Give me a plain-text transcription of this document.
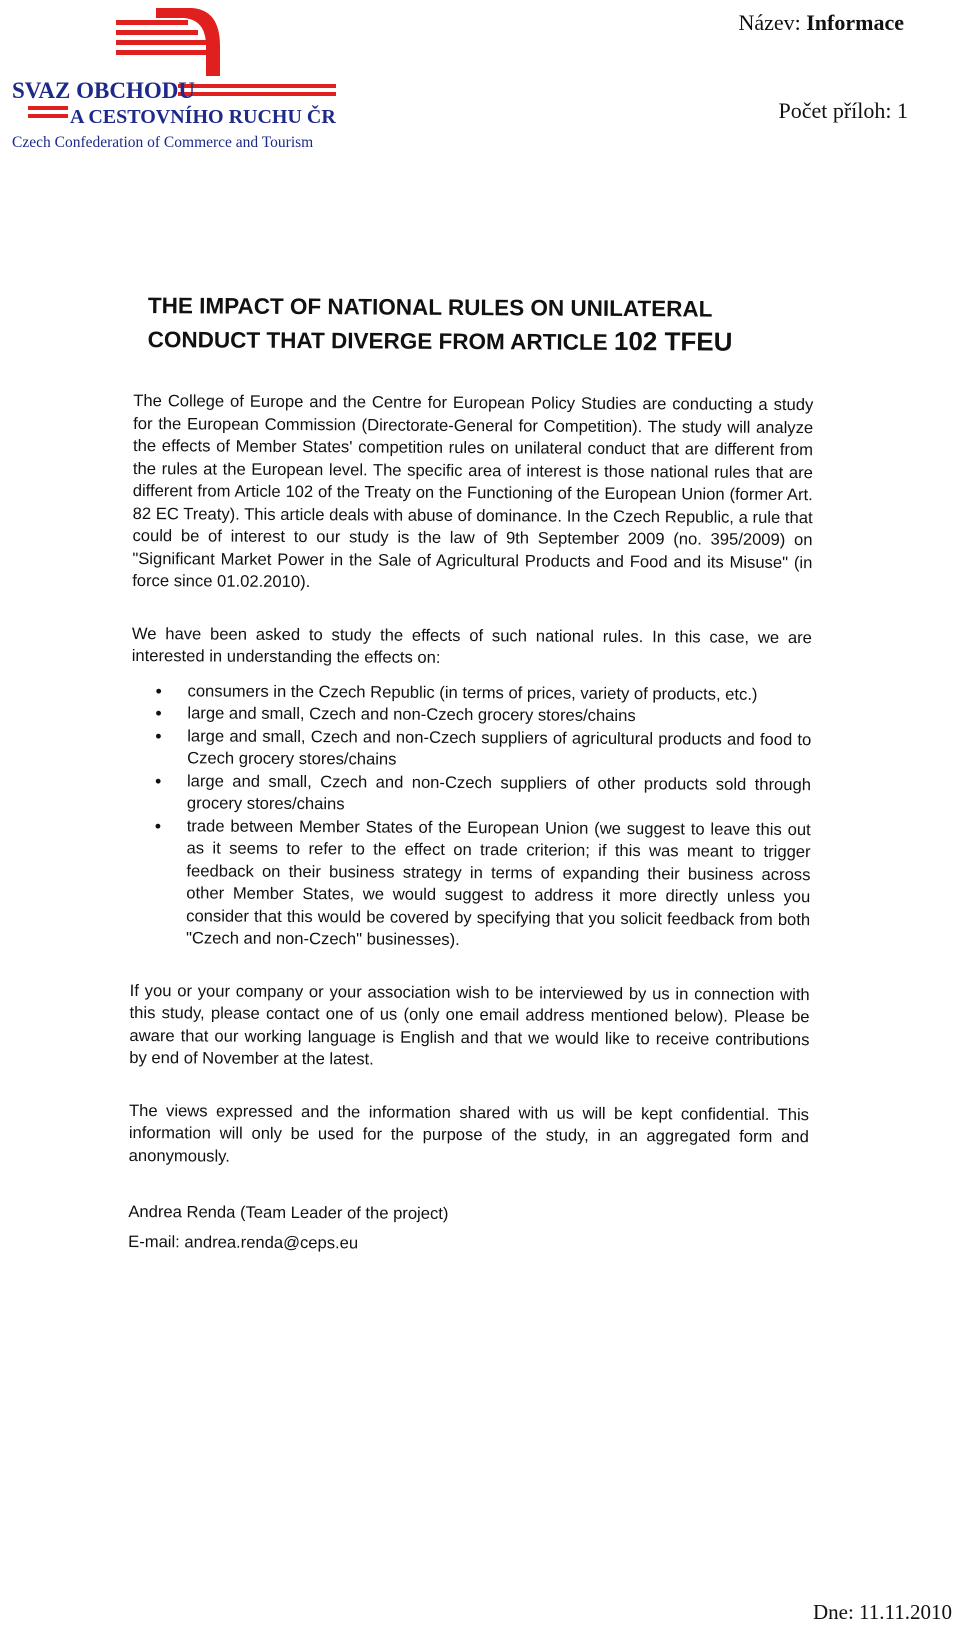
SVAZ OBCHODU
A CESTOVNÍHO RUCHU ČR
Czech Confederation of Commerce and Tourism
Název: Informace
Počet příloh: 1
Dne: 11.11.2010
THE IMPACT OF NATIONAL RULES ON UNILATERAL
CONDUCT THAT DIVERGE FROM ARTICLE 102 TFEU

The College of Europe and the Centre for European Policy Studies are conducting a study for the European Commission (Directorate-General for Competition). The study will analyze the effects of Member States' competition rules on unilateral conduct that are different from the rules at the European level. The specific area of interest is those national rules that are different from Article 102 of the Treaty on the Functioning of the European Union (former Art. 82 EC Treaty). This article deals with abuse of dominance. In the Czech Republic, a rule that could be of interest to our study is the law of 9th September 2009 (no. 395/2009) on "Significant Market Power in the Sale of Agricultural Products and Food and its Misuse" (in force since 01.02.2010).

We have been asked to study the effects of such national rules. In this case, we are interested in understanding the effects on:

• consumers in the Czech Republic (in terms of prices, variety of products, etc.)
• large and small, Czech and non-Czech grocery stores/chains
• large and small, Czech and non-Czech suppliers of agricultural products and food to Czech grocery stores/chains
• large and small, Czech and non-Czech suppliers of other products sold through grocery stores/chains
• trade between Member States of the European Union (we suggest to leave this out as it seems to refer to the effect on trade criterion; if this was meant to trigger feedback on their business strategy in terms of expanding their business across other Member States, we would suggest to address it more directly unless you consider that this would be covered by specifying that you solicit feedback from both "Czech and non-Czech" businesses).

If you or your company or your association wish to be interviewed by us in connection with this study, please contact one of us (only one email address mentioned below). Please be aware that our working language is English and that we would like to receive contributions by end of November at the latest.

The views expressed and the information shared with us will be kept confidential. This information will only be used for the purpose of the study, in an aggregated form and anonymously.

Andrea Renda (Team Leader of the project)
E-mail: andrea.renda@ceps.eu
